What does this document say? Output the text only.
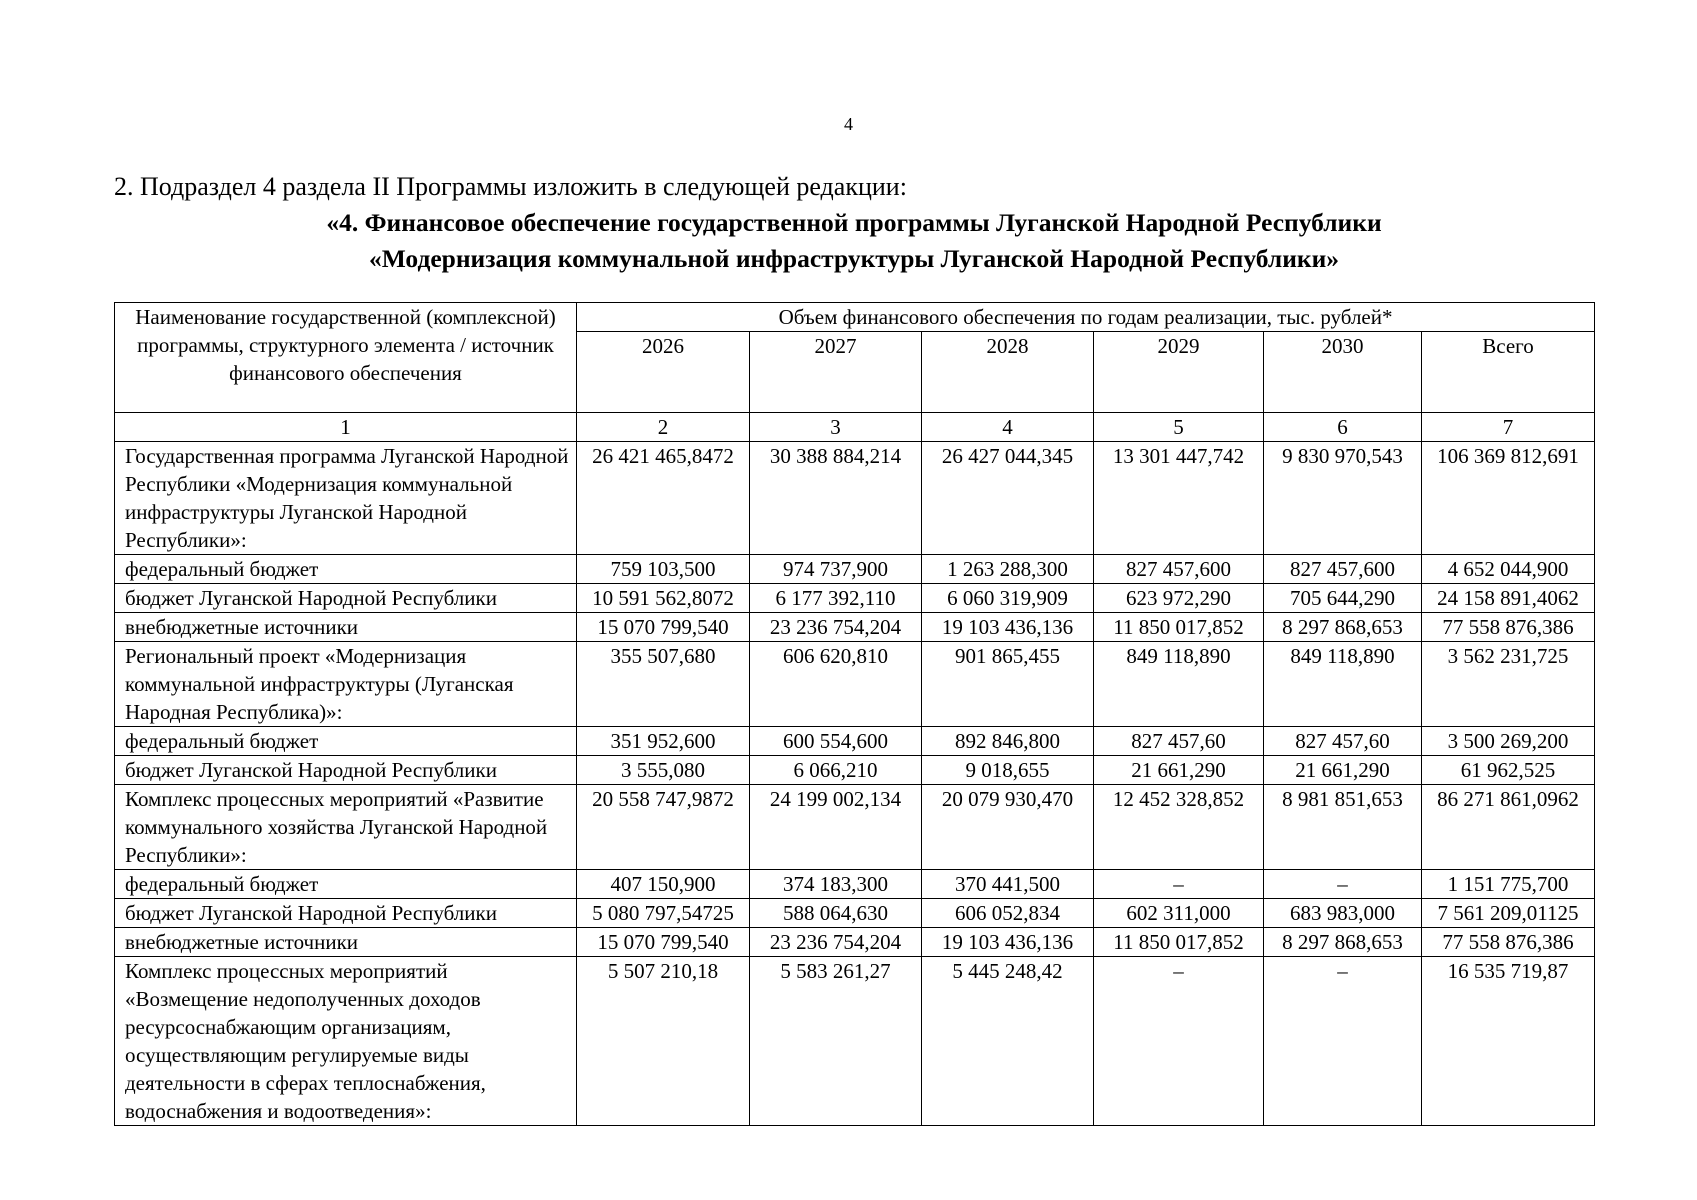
4
2. Подраздел 4 раздела II Программы изложить в следующей редакции:
«4. Финансовое обеспечение государственной программы Луганской Народной Республики
«Модернизация коммунальной инфраструктуры Луганской Народной Республики»
Наименование государственной (комплексной) программы, структурного элемента / источник финансового обеспечения	Объем финансового обеспечения по годам реализации, тыс. рублей*					
	2026	2027	2028	2029	2030	Всего
1	2	3	4	5	6	7
Государственная программа Луганской Народной Республики «Модернизация коммунальной инфраструктуры Луганской Народной Республики»:	26 421 465,8472	30 388 884,214	26 427 044,345	13 301 447,742	9 830 970,543	106 369 812,691
федеральный бюджет	759 103,500	974 737,900	1 263 288,300	827 457,600	827 457,600	4 652 044,900
бюджет Луганской Народной Республики	10 591 562,8072	6 177 392,110	6 060 319,909	623 972,290	705 644,290	24 158 891,4062
внебюджетные источники	15 070 799,540	23 236 754,204	19 103 436,136	11 850 017,852	8 297 868,653	77 558 876,386
Региональный проект «Модернизация коммунальной инфраструктуры (Луганская Народная Республика)»:	355 507,680	606 620,810	901 865,455	849 118,890	849 118,890	3 562 231,725
федеральный бюджет	351 952,600	600 554,600	892 846,800	827 457,60	827 457,60	3 500 269,200
бюджет Луганской Народной Республики	3 555,080	6 066,210	9 018,655	21 661,290	21 661,290	61 962,525
Комплекс процессных мероприятий «Развитие коммунального хозяйства Луганской Народной Республики»:	20 558 747,9872	24 199 002,134	20 079 930,470	12 452 328,852	8 981 851,653	86 271 861,0962
федеральный бюджет	407 150,900	374 183,300	370 441,500	–	–	1 151 775,700
бюджет Луганской Народной Республики	5 080 797,54725	588 064,630	606 052,834	602 311,000	683 983,000	7 561 209,01125
внебюджетные источники	15 070 799,540	23 236 754,204	19 103 436,136	11 850 017,852	8 297 868,653	77 558 876,386
Комплекс процессных мероприятий «Возмещение недополученных доходов ресурсоснабжающим организациям, осуществляющим регулируемые виды деятельности в сферах теплоснабжения, водоснабжения и водоотведения»:	5 507 210,18	5 583 261,27	5 445 248,42	–	–	16 535 719,87
